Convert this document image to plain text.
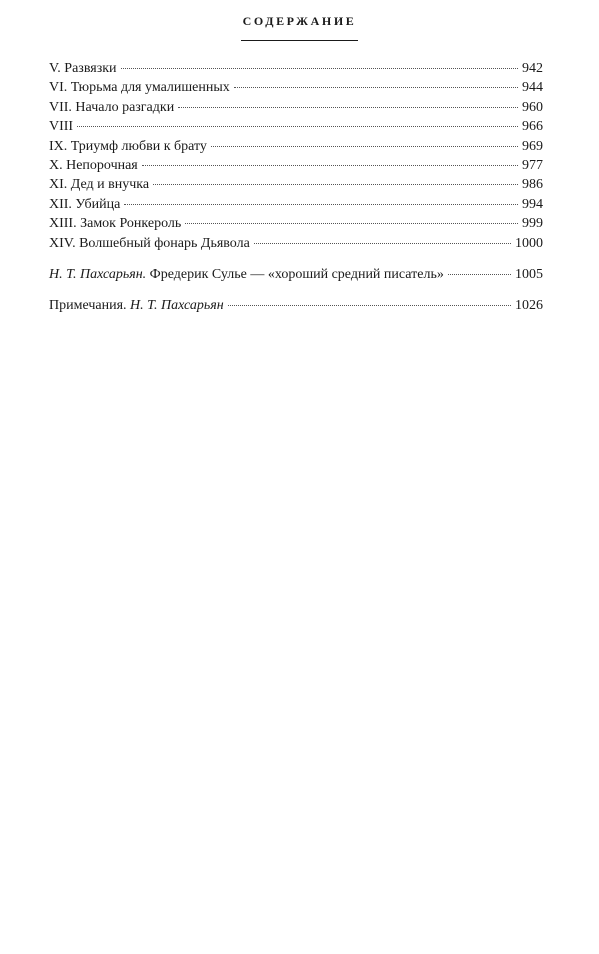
СОДЕРЖАНИЕ
V. Развязки	942
VI. Тюрьма для умалишенных	944
VII. Начало разгадки	960
VIII	966
IX. Триумф любви к брату	969
X. Непорочная	977
XI. Дед и внучка	986
XII. Убийца	994
XIII. Замок Ронкероль	999
XIV. Волшебный фонарь Дьявола	1000
Н. Т. Пахсарьян. Фредерик Сулье — «хороший средний писатель»	1005
Примечания. Н. Т. Пахсарьян	1026
